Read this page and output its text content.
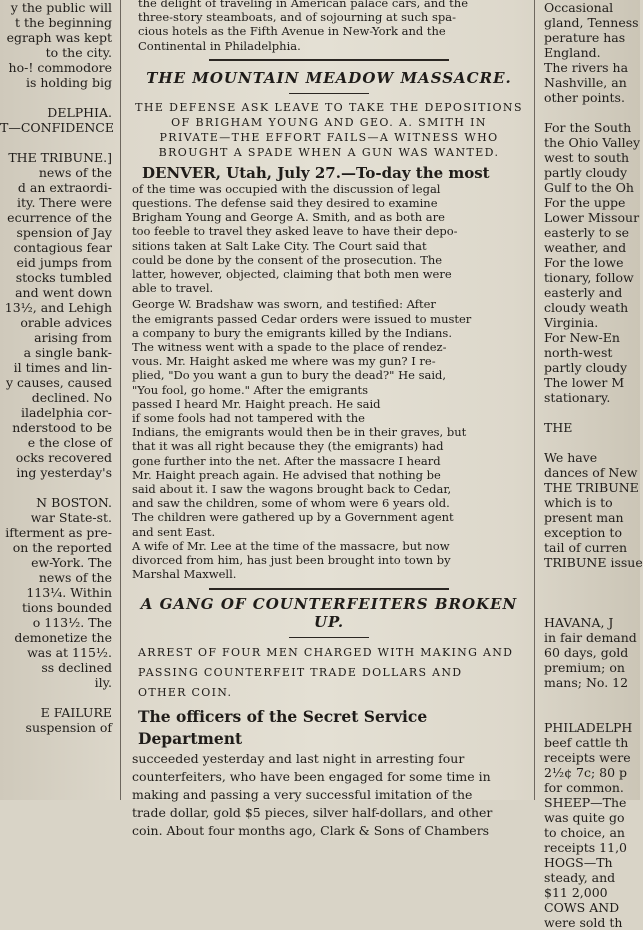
y the public will
t the beginning
egraph was kept
to the city.
ho-! commodore
is holding big

DELPHIA.
T—CONFIDENCE

THE TRIBUNE.]
news of the
d an extraordi-
ity. There were
ecurrence of the
spension of Jay
contagious fear
eid jumps from
stocks tumbled
and went down
13½, and Lehigh
orable advices
arising from
a single bank-
il times and lin-
y causes, caused
declined. No
iladelphia cor-
nderstood to be
e the close of
ocks recovered
ing yesterday's

N BOSTON.
war State-st.
ifterment as pre-
on the reported
ew-York. The
news of the
113¼. Within
tions bounded
o 113½. The
demonetize the
was at 115½.
ss declined
ily.

E FAILURE
suspension of
the delight of traveling in American palace cars, and the
three-story steamboats, and of sojourning at such spa-
cious hotels as the Fifth Avenue in New-York and the
Continental in Philadelphia.
THE MOUNTAIN MEADOW MASSACRE.
THE DEFENSE ASK LEAVE TO TAKE THE DEPOSITIONS
OF BRIGHAM YOUNG AND GEO. A. SMITH IN
PRIVATE—THE EFFORT FAILS—A WITNESS WHO
BROUGHT A SPADE WHEN A GUN WAS WANTED.
DENVER, Utah, July 27.—To-day the most
of the time was occupied with the discussion of legal
questions. The defense said they desired to examine
Brigham Young and George A. Smith, and as both are
too feeble to travel they asked leave to have their depo-
sitions taken at Salt Lake City. The Court said that
could be done by the consent of the prosecution. The
latter, however, objected, claiming that both men were
able to travel.
George W. Bradshaw was sworn, and testified: After
the emigrants passed Cedar orders were issued to muster
a company to bury the emigrants killed by the Indians.
The witness went with a spade to the place of rendez-
vous. Mr. Haight asked me where was my gun? I re-
plied, "Do you want a gun to bury the dead?" He said,
"You fool, go home." After the emigrants
passed I heard Mr. Haight preach. He said
if some fools had not tampered with the
Indians, the emigrants would then be in their graves, but
that it was all right because they (the emigrants) had
gone further into the net. After the massacre I heard
Mr. Haight preach again. He advised that nothing be
said about it. I saw the wagons brought back to Cedar,
and saw the children, some of whom were 6 years old.
The children were gathered up by a Government agent
and sent East.
A wife of Mr. Lee at the time of the massacre, but now
divorced from him, has just been brought into town by
Marshal Maxwell.
A GANG OF COUNTERFEITERS BROKEN UP.
ARREST OF FOUR MEN CHARGED WITH MAKING AND
PASSING COUNTERFEIT TRADE DOLLARS AND
OTHER COIN.
The officers of the Secret Service Department
succeeded yesterday and last night in arresting four
counterfeiters, who have been engaged for some time in
making and passing a very successful imitation of the
trade dollar, gold $5 pieces, silver half-dollars, and other
coin. About four months ago, Clark & Sons of Chambers
Occasional
gland, Tenness
perature has
England.
The rivers ha
Nashville, an
other points.

For the South
the Ohio Valley
west to south
partly cloudy
Gulf to the Oh
For the uppe
Lower Missour
easterly to se
weather, and
For the lowe
tionary, follow
easterly and
cloudy weath
Virginia.
For New-En
north-west
partly cloudy
The lower M
stationary.

THE

We have
dances of New
THE TRIBUNE
which is to
present man
exception to
tail of curren
TRIBUNE issue

HAVANA, J
in fair demand
60 days, gold
premium; on
mans; No. 12

PHILADELPH
beef cattle th
receipts were
2½¢ 7c; 80 p
for common.
SHEEP—The
was quite go
to choice, an
receipts 11,0
HOGS—Th
steady, and
$11 2,000
COWS AND
were sold th
